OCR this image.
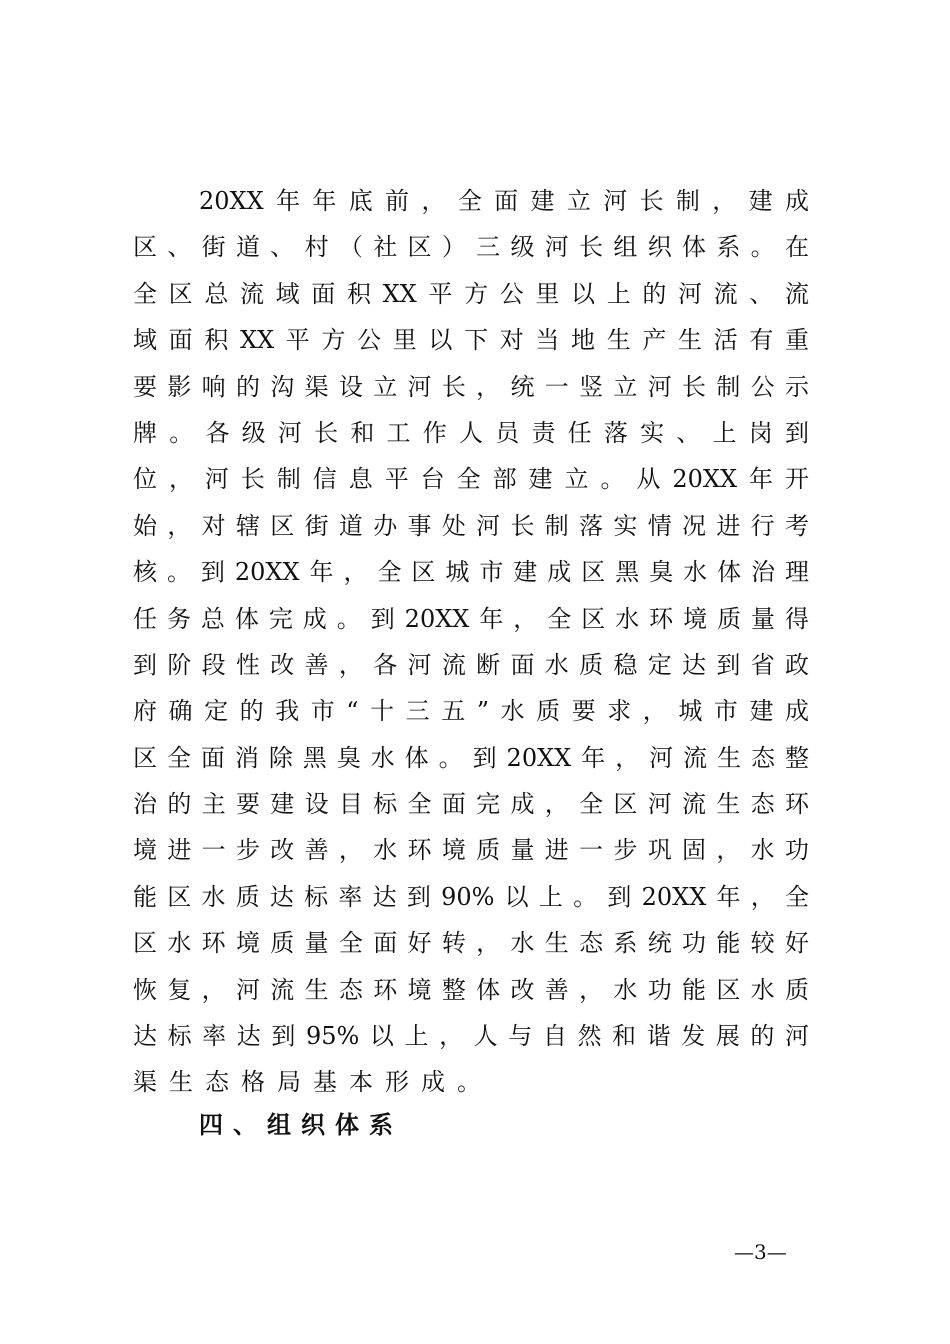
20XX年年底前，全面建立河长制，建成
区、街道、村（社区）三级河长组织体系。在
全区总流域面积XX平方公里以上的河流、流
域面积XX平方公里以下对当地生产生活有重
要影响的沟渠设立河长，统一竖立河长制公示
牌。各级河长和工作人员责任落实、上岗到
位，河长制信息平台全部建立。从20XX年开
始，对辖区街道办事处河长制落实情况进行考
核。到20XX年，全区城市建成区黑臭水体治理
任务总体完成。到20XX年，全区水环境质量得
到阶段性改善，各河流断面水质稳定达到省政
府确定的我市“十三五”水质要求，城市建成
区全面消除黑臭水体。到20XX年，河流生态整
治的主要建设目标全面完成，全区河流生态环
境进一步改善，水环境质量进一步巩固，水功
能区水质达标率达到90%以上。到20XX年，全
区水环境质量全面好转，水生态系统功能较好
恢复，河流生态环境整体改善，水功能区水质
达标率达到95%以上，人与自然和谐发展的河
渠生态格局基本形成。
四、组织体系
—3—
